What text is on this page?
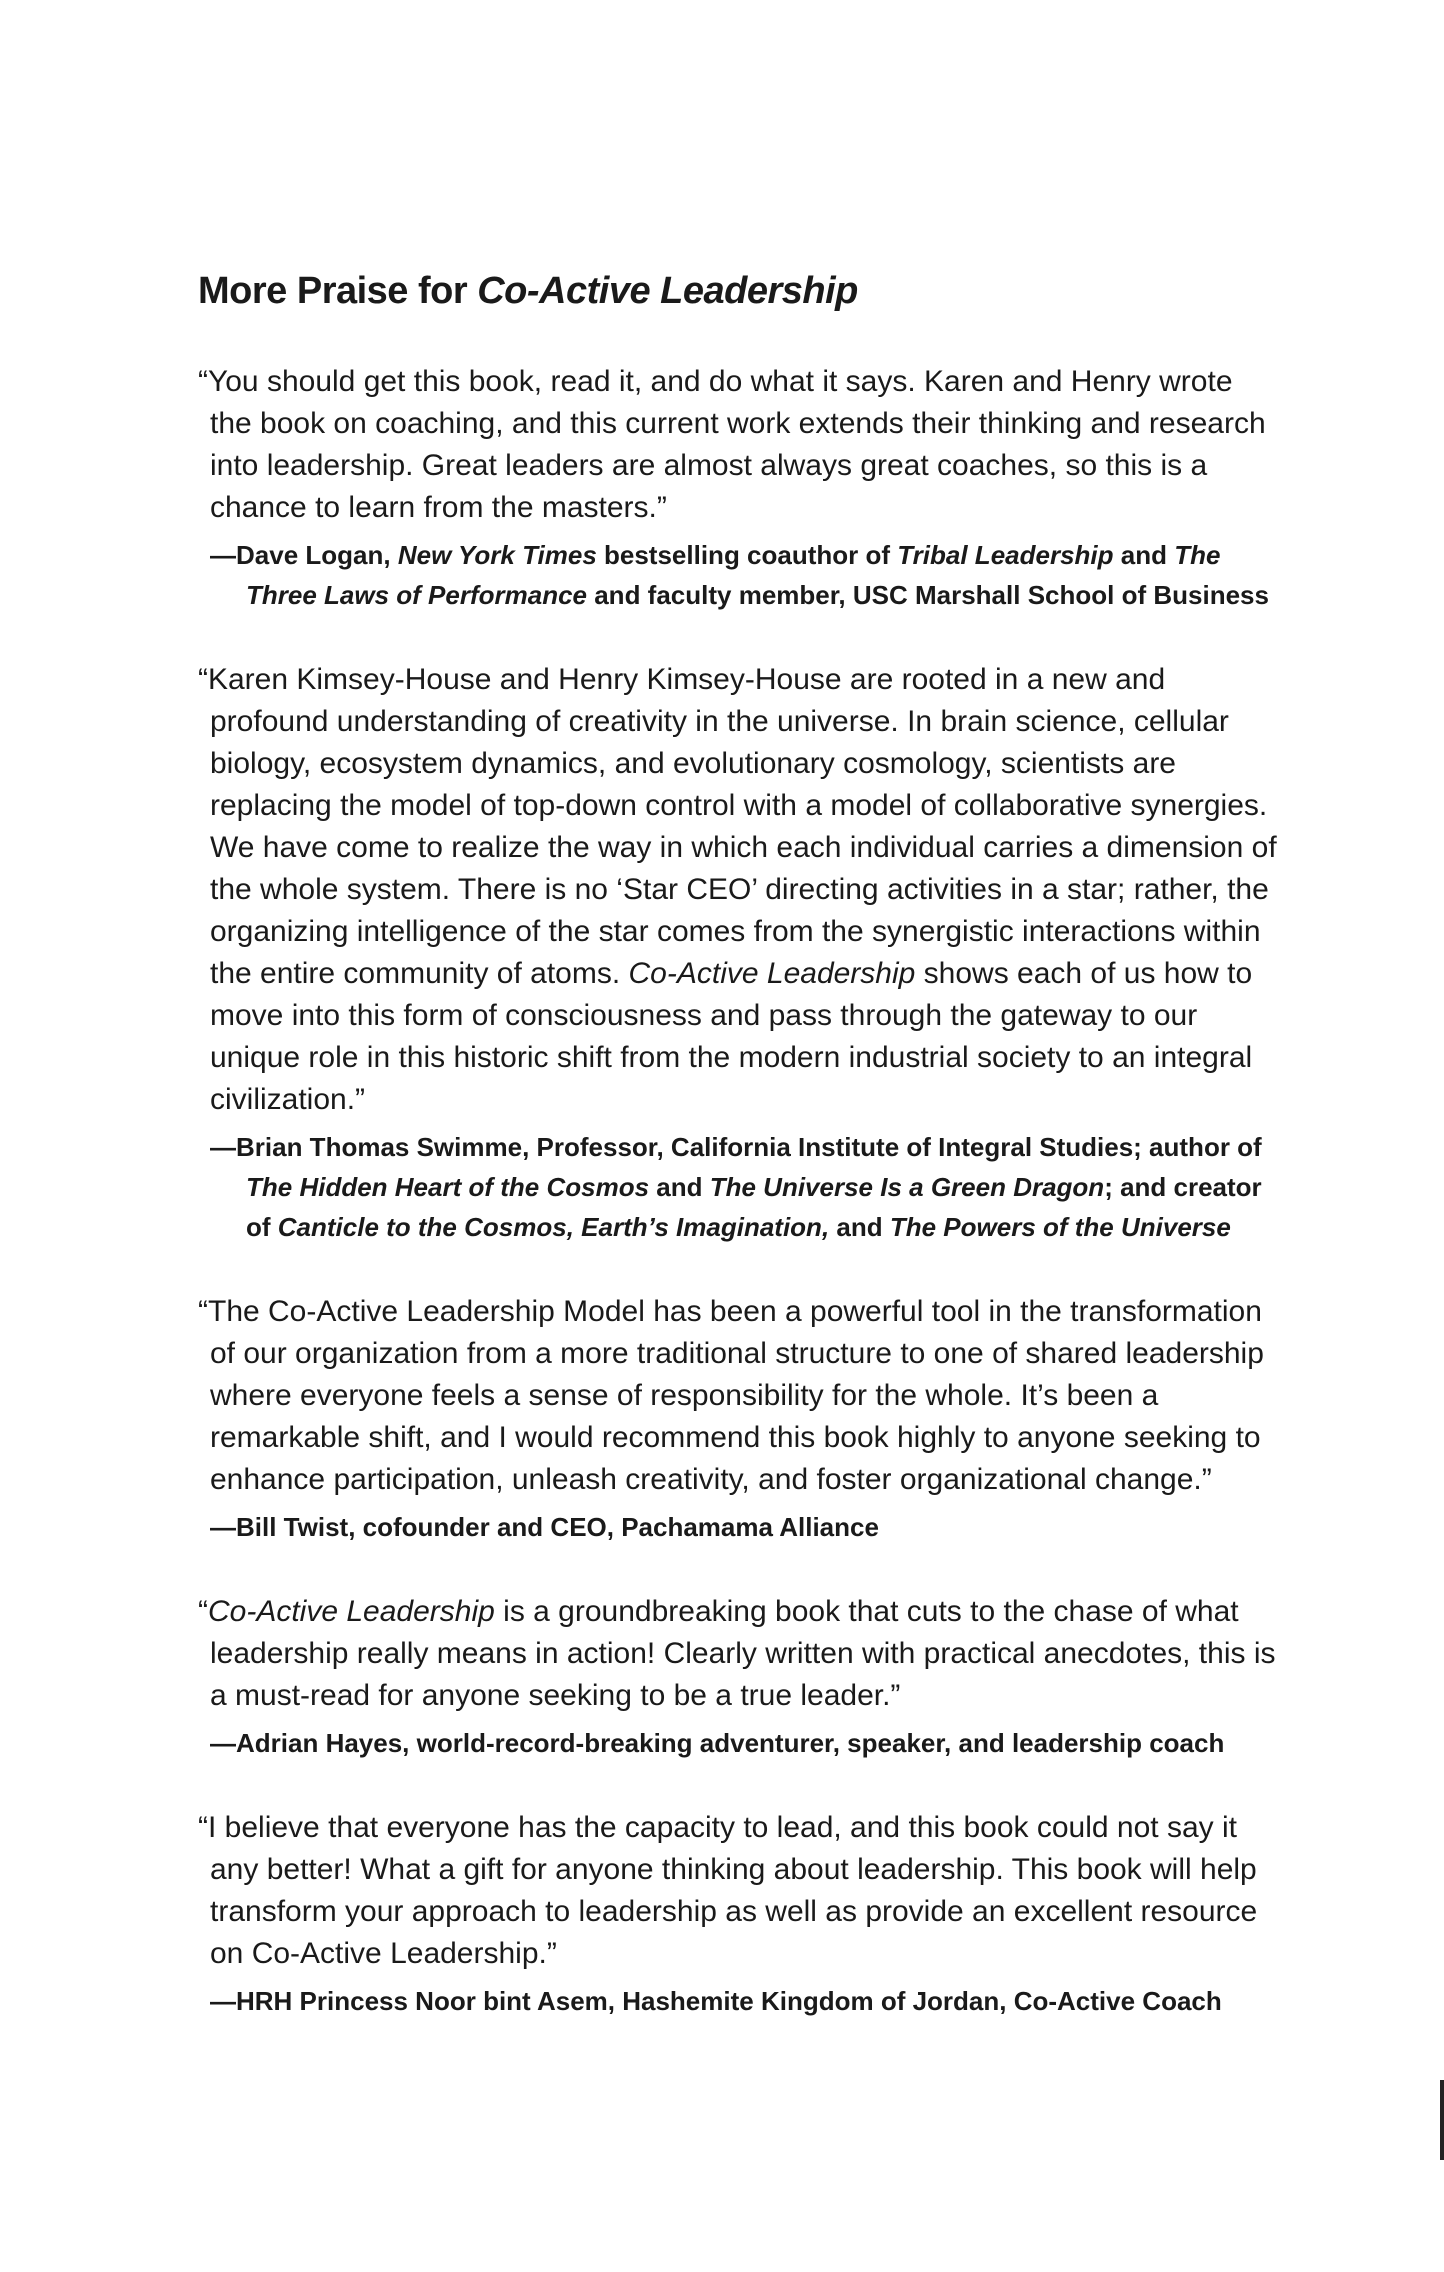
More Praise for Co-Active Leadership

“You should get this book, read it, and do what it says. Karen and Henry wrote the book on coaching, and this current work extends their thinking and research into leadership. Great leaders are almost always great coaches, so this is a chance to learn from the masters.”

—Dave Logan, New York Times bestselling coauthor of Tribal Leadership and The Three Laws of Performance and faculty member, USC Marshall School of Business

“Karen Kimsey-House and Henry Kimsey-House are rooted in a new and profound understanding of creativity in the universe. In brain science, cellular biology, ecosystem dynamics, and evolutionary cosmology, scientists are replacing the model of top-down control with a model of collaborative synergies. We have come to realize the way in which each individual carries a dimension of the whole system. There is no ‘Star CEO’ directing activities in a star; rather, the organizing intelligence of the star comes from the synergistic interactions within the entire community of atoms. Co-Active Leadership shows each of us how to move into this form of consciousness and pass through the gateway to our unique role in this historic shift from the modern industrial society to an integral civilization.”

—Brian Thomas Swimme, Professor, California Institute of Integral Studies; author of The Hidden Heart of the Cosmos and The Universe Is a Green Dragon; and creator of Canticle to the Cosmos, Earth’s Imagination, and The Powers of the Universe

“The Co-Active Leadership Model has been a powerful tool in the transformation of our organization from a more traditional structure to one of shared leadership where everyone feels a sense of responsibility for the whole. It’s been a remarkable shift, and I would recommend this book highly to anyone seeking to enhance participation, unleash creativity, and foster organizational change.”

—Bill Twist, cofounder and CEO, Pachamama Alliance

“Co-Active Leadership is a groundbreaking book that cuts to the chase of what leadership really means in action! Clearly written with practical anecdotes, this is a must-read for anyone seeking to be a true leader.”

—Adrian Hayes, world-record-breaking adventurer, speaker, and leadership coach

“I believe that everyone has the capacity to lead, and this book could not say it any better! What a gift for anyone thinking about leadership. This book will help transform your approach to leadership as well as provide an excellent resource on Co-Active Leadership.”

—HRH Princess Noor bint Asem, Hashemite Kingdom of Jordan, Co-Active Coach
